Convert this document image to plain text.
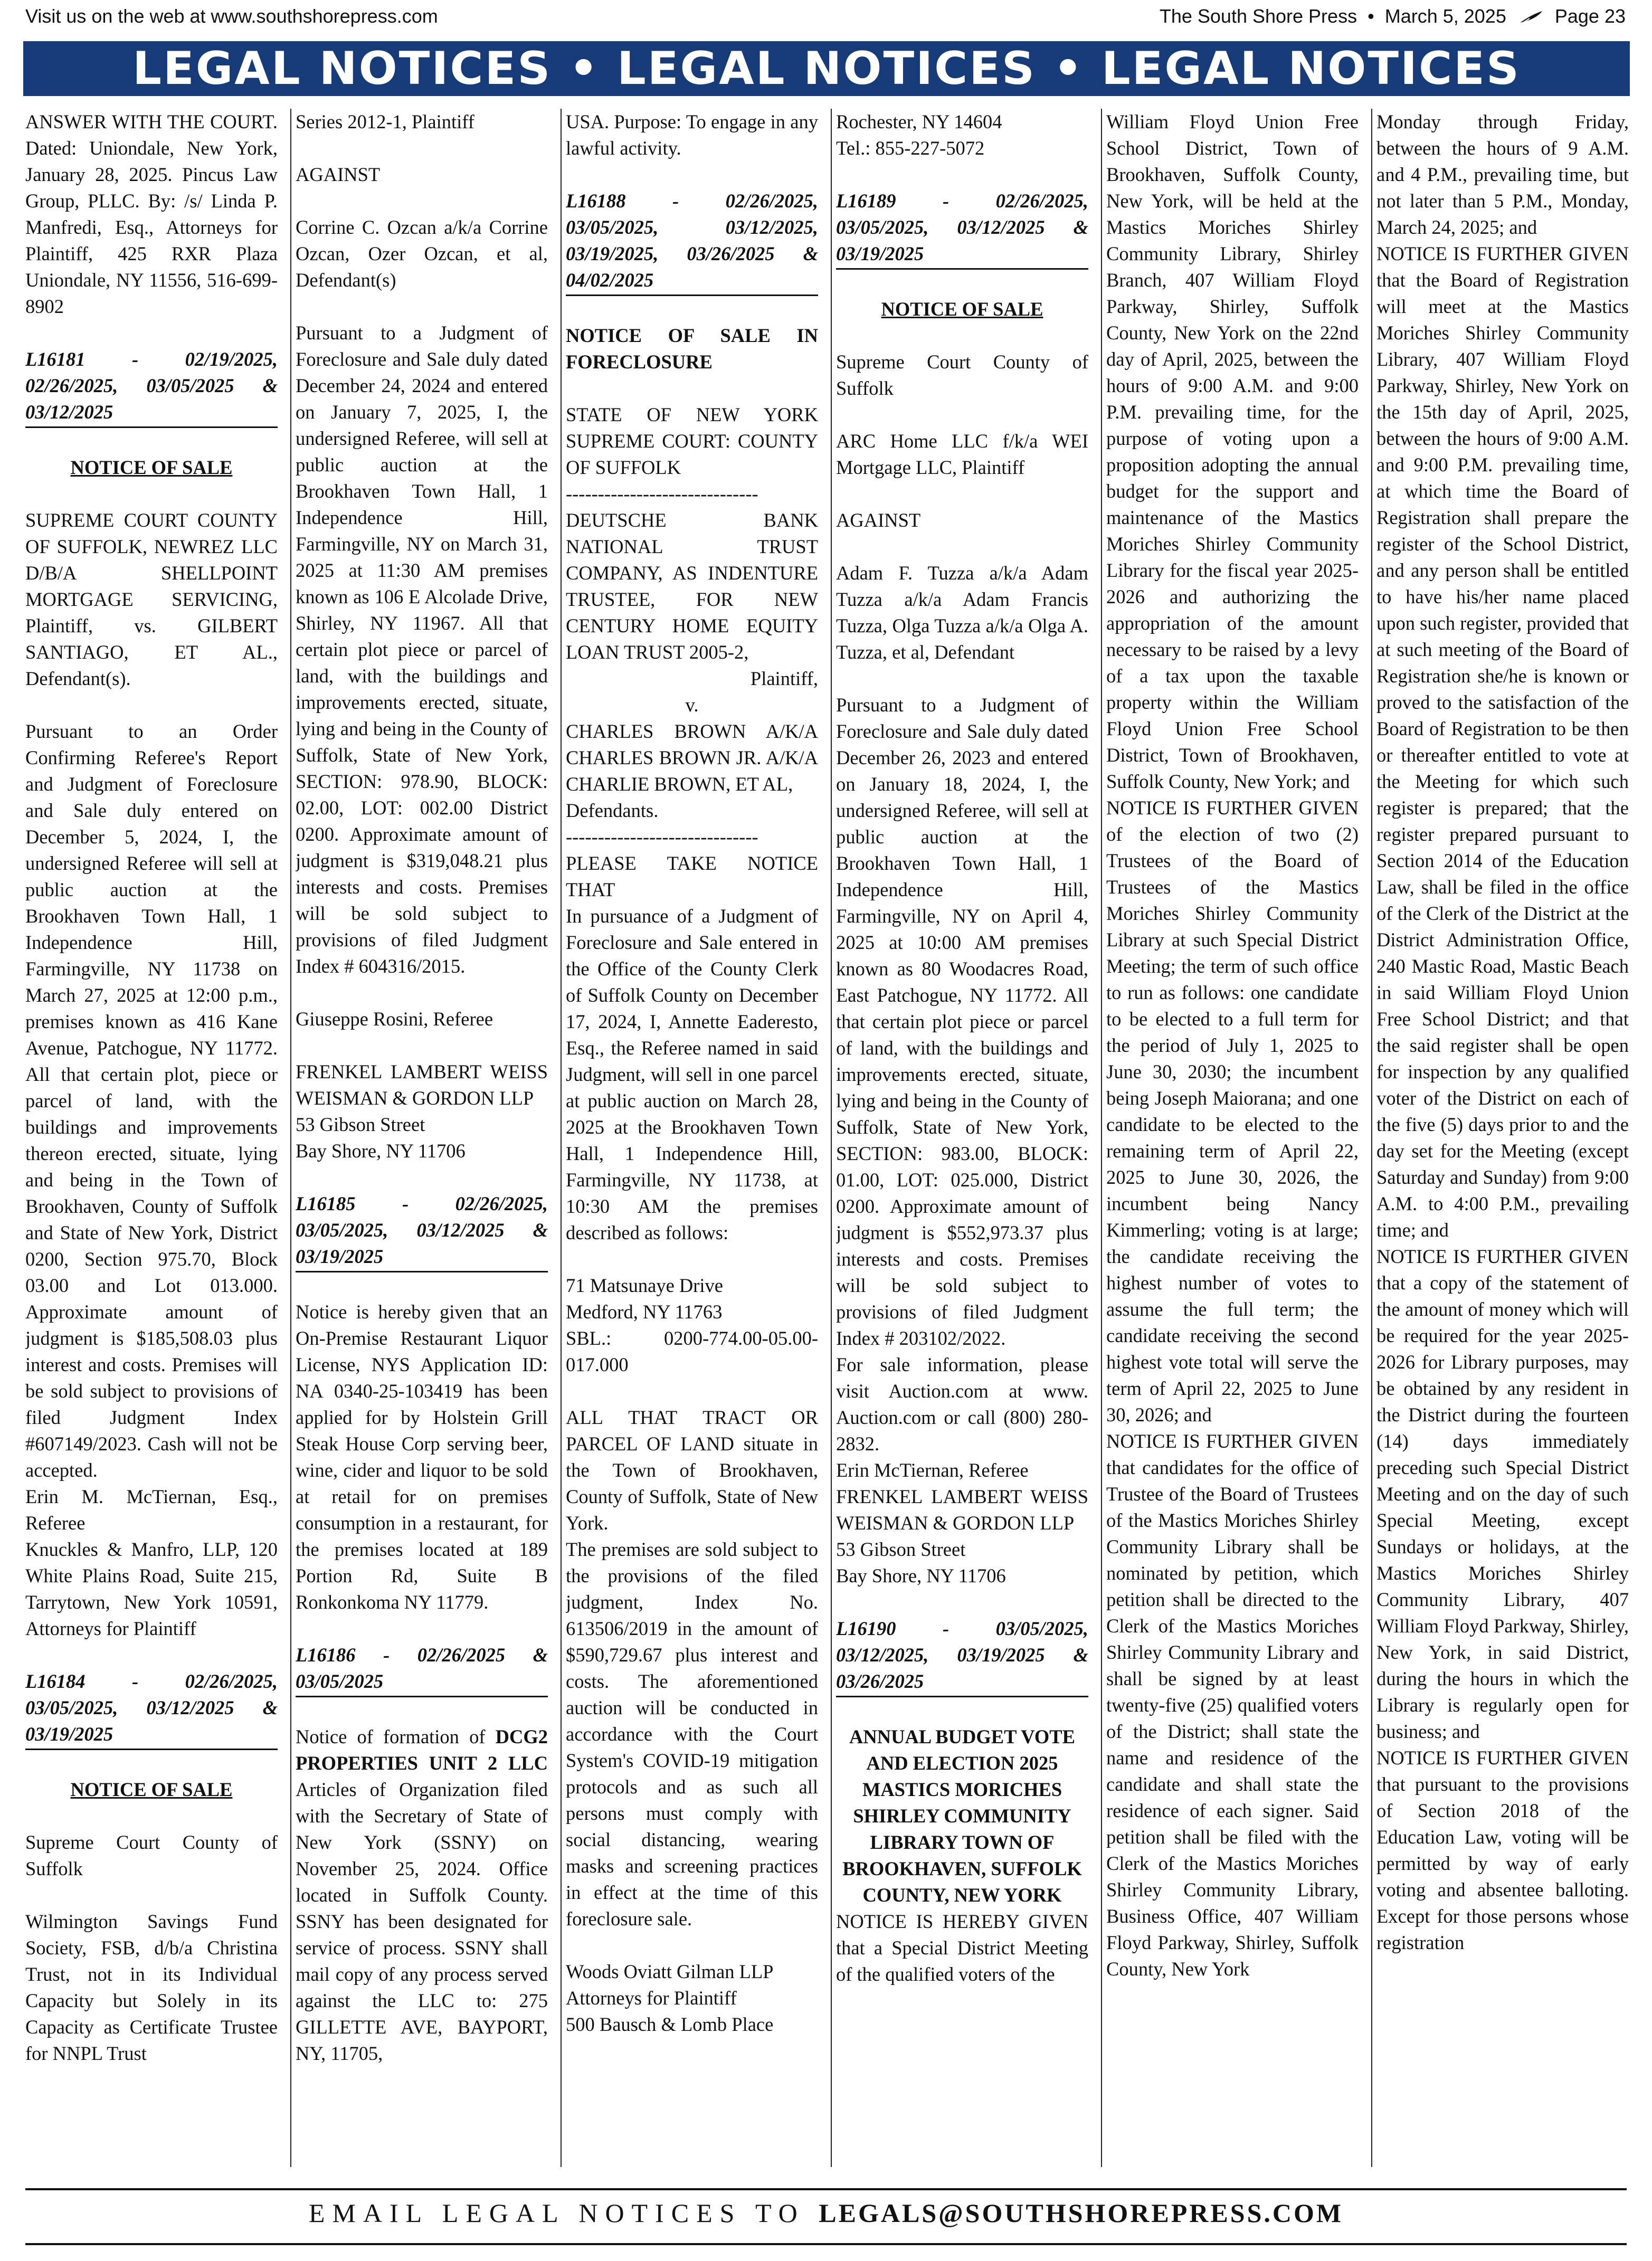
Visit us on the web at www.southshorepress.com	The South Shore Press • March 5, 2025	Page 23
LEGAL NOTICES • LEGAL NOTICES • LEGAL NOTICES

ANSWER WITH THE COURT. Dated: Uniondale, New York, January 28, 2025. Pincus Law Group, PLLC. By: /s/ Linda P. Manfredi, Esq., Attorneys for Plaintiff, 425 RXR Plaza Uniondale, NY 11556, 516-699-8902

L16181 - 02/19/2025, 02/26/2025, 03/05/2025 & 03/12/2025

NOTICE OF SALE

SUPREME COURT COUNTY OF SUFFOLK, NEWREZ LLC D/B/A SHELLPOINT MORTGAGE SERVICING, Plaintiff, vs. GILBERT SANTIAGO, ET AL., Defendant(s).

Pursuant to an Order Confirming Referee's Report and Judgment of Foreclosure and Sale duly entered on December 5, 2024, I, the undersigned Referee will sell at public auction at the Brookhaven Town Hall, 1 Independence Hill, Farmingville, NY 11738 on March 27, 2025 at 12:00 p.m., premises known as 416 Kane Avenue, Patchogue, NY 11772. All that certain plot, piece or parcel of land, with the buildings and improvements thereon erected, situate, lying and being in the Town of Brookhaven, County of Suffolk and State of New York, District 0200, Section 975.70, Block 03.00 and Lot 013.000. Approximate amount of judgment is $185,508.03 plus interest and costs. Premises will be sold subject to provisions of filed Judgment Index #607149/2023. Cash will not be accepted.

Erin M. McTiernan, Esq., Referee

Knuckles & Manfro, LLP, 120 White Plains Road, Suite 215, Tarrytown, New York 10591, Attorneys for Plaintiff

L16184 - 02/26/2025, 03/05/2025, 03/12/2025 & 03/19/2025

NOTICE OF SALE

Supreme Court County of Suffolk

Wilmington Savings Fund Society, FSB, d/b/a Christina Trust, not in its Individual Capacity but Solely in its Capacity as Certificate Trustee for NNPL Trust

Series 2012-1, Plaintiff

AGAINST

Corrine C. Ozcan a/k/a Corrine Ozcan, Ozer Ozcan, et al, Defendant(s)

Pursuant to a Judgment of Foreclosure and Sale duly dated December 24, 2024 and entered on January 7, 2025, I, the undersigned Referee, will sell at public auction at the Brookhaven Town Hall, 1 Independence Hill, Farmingville, NY on March 31, 2025 at 11:30 AM premises known as 106 E Alcolade Drive, Shirley, NY 11967. All that certain plot piece or parcel of land, with the buildings and improvements erected, situate, lying and being in the County of Suffolk, State of New York, SECTION: 978.90, BLOCK: 02.00, LOT: 002.00 District 0200. Approximate amount of judgment is $319,048.21 plus interests and costs. Premises will be sold subject to provisions of filed Judgment Index # 604316/2015.

Giuseppe Rosini, Referee

FRENKEL LAMBERT WEISS WEISMAN & GORDON LLP

53 Gibson Street

Bay Shore, NY 11706

L16185 - 02/26/2025, 03/05/2025, 03/12/2025 & 03/19/2025

Notice is hereby given that an On-Premise Restaurant Liquor License, NYS Application ID: NA 0340-25-103419 has been applied for by Holstein Grill Steak House Corp serving beer, wine, cider and liquor to be sold at retail for on premises consumption in a restaurant, for the premises located at 189 Portion Rd, Suite B Ronkonkoma NY 11779.

L16186 - 02/26/2025 & 03/05/2025

Notice of formation of DCG2 PROPERTIES UNIT 2 LLC Articles of Organization filed with the Secretary of State of New York (SSNY) on November 25, 2024. Office located in Suffolk County. SSNY has been designated for service of process. SSNY shall mail copy of any process served against the LLC to: 275 GILLETTE AVE, BAYPORT, NY, 11705,

USA. Purpose: To engage in any lawful activity.

L16188 - 02/26/2025, 03/05/2025, 03/12/2025, 03/19/2025, 03/26/2025 & 04/02/2025

NOTICE OF SALE IN FORECLOSURE

STATE OF NEW YORK SUPREME COURT: COUNTY OF SUFFOLK

------------------------------

DEUTSCHE BANK NATIONAL TRUST COMPANY, AS INDENTURE TRUSTEE, FOR NEW CENTURY HOME EQUITY LOAN TRUST 2005-2,

Plaintiff,

v.

CHARLES BROWN A/K/A CHARLES BROWN JR. A/K/A CHARLIE BROWN, ET AL,

Defendants.

------------------------------

PLEASE TAKE NOTICE THAT

In pursuance of a Judgment of Foreclosure and Sale entered in the Office of the County Clerk of Suffolk County on December 17, 2024, I, Annette Eaderesto, Esq., the Referee named in said Judgment, will sell in one parcel at public auction on March 28, 2025 at the Brookhaven Town Hall, 1 Independence Hill, Farmingville, NY 11738, at 10:30 AM the premises described as follows:

71 Matsunaye Drive

Medford, NY 11763

SBL.: 0200-774.00-05.00-017.000

ALL THAT TRACT OR PARCEL OF LAND situate in the Town of Brookhaven, County of Suffolk, State of New York.

The premises are sold subject to the provisions of the filed judgment, Index No. 613506/2019 in the amount of $590,729.67 plus interest and costs. The aforementioned auction will be conducted in accordance with the Court System's COVID-19 mitigation protocols and as such all persons must comply with social distancing, wearing masks and screening practices in effect at the time of this foreclosure sale.

Woods Oviatt Gilman LLP

Attorneys for Plaintiff

500 Bausch & Lomb Place

Rochester, NY 14604

Tel.: 855-227-5072

L16189 - 02/26/2025, 03/05/2025, 03/12/2025 & 03/19/2025

NOTICE OF SALE

Supreme Court County of Suffolk

ARC Home LLC f/k/a WEI Mortgage LLC, Plaintiff

AGAINST

Adam F. Tuzza a/k/a Adam Tuzza a/k/a Adam Francis Tuzza, Olga Tuzza a/k/a Olga A. Tuzza, et al, Defendant

Pursuant to a Judgment of Foreclosure and Sale duly dated December 26, 2023 and entered on January 18, 2024, I, the undersigned Referee, will sell at public auction at the Brookhaven Town Hall, 1 Independence Hill, Farmingville, NY on April 4, 2025 at 10:00 AM premises known as 80 Woodacres Road, East Patchogue, NY 11772. All that certain plot piece or parcel of land, with the buildings and improvements erected, situate, lying and being in the County of Suffolk, State of New York, SECTION: 983.00, BLOCK: 01.00, LOT: 025.000, District 0200. Approximate amount of judgment is $552,973.37 plus interests and costs. Premises will be sold subject to provisions of filed Judgment Index # 203102/2022.

For sale information, please visit Auction.com at www. Auction.com or call (800) 280-2832.

Erin McTiernan, Referee

FRENKEL LAMBERT WEISS WEISMAN & GORDON LLP

53 Gibson Street

Bay Shore, NY 11706

L16190 - 03/05/2025, 03/12/2025, 03/19/2025 & 03/26/2025

ANNUAL BUDGET VOTE AND ELECTION 2025 MASTICS MORICHES SHIRLEY COMMUNITY LIBRARY TOWN OF BROOKHAVEN, SUFFOLK COUNTY, NEW YORK

NOTICE IS HEREBY GIVEN that a Special District Meeting of the qualified voters of the

William Floyd Union Free School District, Town of Brookhaven, Suffolk County, New York, will be held at the Mastics Moriches Shirley Community Library, Shirley Branch, 407 William Floyd Parkway, Shirley, Suffolk County, New York on the 22nd day of April, 2025, between the hours of 9:00 A.M. and 9:00 P.M. prevailing time, for the purpose of voting upon a proposition adopting the annual budget for the support and maintenance of the Mastics Moriches Shirley Community Library for the fiscal year 2025-2026 and authorizing the appropriation of the amount necessary to be raised by a levy of a tax upon the taxable property within the William Floyd Union Free School District, Town of Brookhaven, Suffolk County, New York; and

NOTICE IS FURTHER GIVEN of the election of two (2) Trustees of the Board of Trustees of the Mastics Moriches Shirley Community Library at such Special District Meeting; the term of such office to run as follows: one candidate to be elected to a full term for the period of July 1, 2025 to June 30, 2030; the incumbent being Joseph Maiorana; and one candidate to be elected to the remaining term of April 22, 2025 to June 30, 2026, the incumbent being Nancy Kimmerling; voting is at large; the candidate receiving the highest number of votes to assume the full term; the candidate receiving the second highest vote total will serve the term of April 22, 2025 to June 30, 2026; and

NOTICE IS FURTHER GIVEN that candidates for the office of Trustee of the Board of Trustees of the Mastics Moriches Shirley Community Library shall be nominated by petition, which petition shall be directed to the Clerk of the Mastics Moriches Shirley Community Library and shall be signed by at least twenty-five (25) qualified voters of the District; shall state the name and residence of the candidate and shall state the residence of each signer. Said petition shall be filed with the Clerk of the Mastics Moriches Shirley Community Library, Business Office, 407 William Floyd Parkway, Shirley, Suffolk County, New York

Monday through Friday, between the hours of 9 A.M. and 4 P.M., prevailing time, but not later than 5 P.M., Monday, March 24, 2025; and

NOTICE IS FURTHER GIVEN that the Board of Registration will meet at the Mastics Moriches Shirley Community Library, 407 William Floyd Parkway, Shirley, New York on the 15th day of April, 2025, between the hours of 9:00 A.M. and 9:00 P.M. prevailing time, at which time the Board of Registration shall prepare the register of the School District, and any person shall be entitled to have his/her name placed upon such register, provided that at such meeting of the Board of Registration she/he is known or proved to the satisfaction of the Board of Registration to be then or thereafter entitled to vote at the Meeting for which such register is prepared; that the register prepared pursuant to Section 2014 of the Education Law, shall be filed in the office of the Clerk of the District at the District Administration Office, 240 Mastic Road, Mastic Beach in said William Floyd Union Free School District; and that the said register shall be open for inspection by any qualified voter of the District on each of the five (5) days prior to and the day set for the Meeting (except Saturday and Sunday) from 9:00 A.M. to 4:00 P.M., prevailing time; and

NOTICE IS FURTHER GIVEN that a copy of the statement of the amount of money which will be required for the year 2025-2026 for Library purposes, may be obtained by any resident in the District during the fourteen (14) days immediately preceding such Special District Meeting and on the day of such Special Meeting, except Sundays or holidays, at the Mastics Moriches Shirley Community Library, 407 William Floyd Parkway, Shirley, New York, in said District, during the hours in which the Library is regularly open for business; and

NOTICE IS FURTHER GIVEN that pursuant to the provisions of Section 2018 of the Education Law, voting will be permitted by way of early voting and absentee balloting. Except for those persons whose registration

EMAIL LEGAL NOTICES TO LEGALS@SOUTHSHOREPRESS.COM
